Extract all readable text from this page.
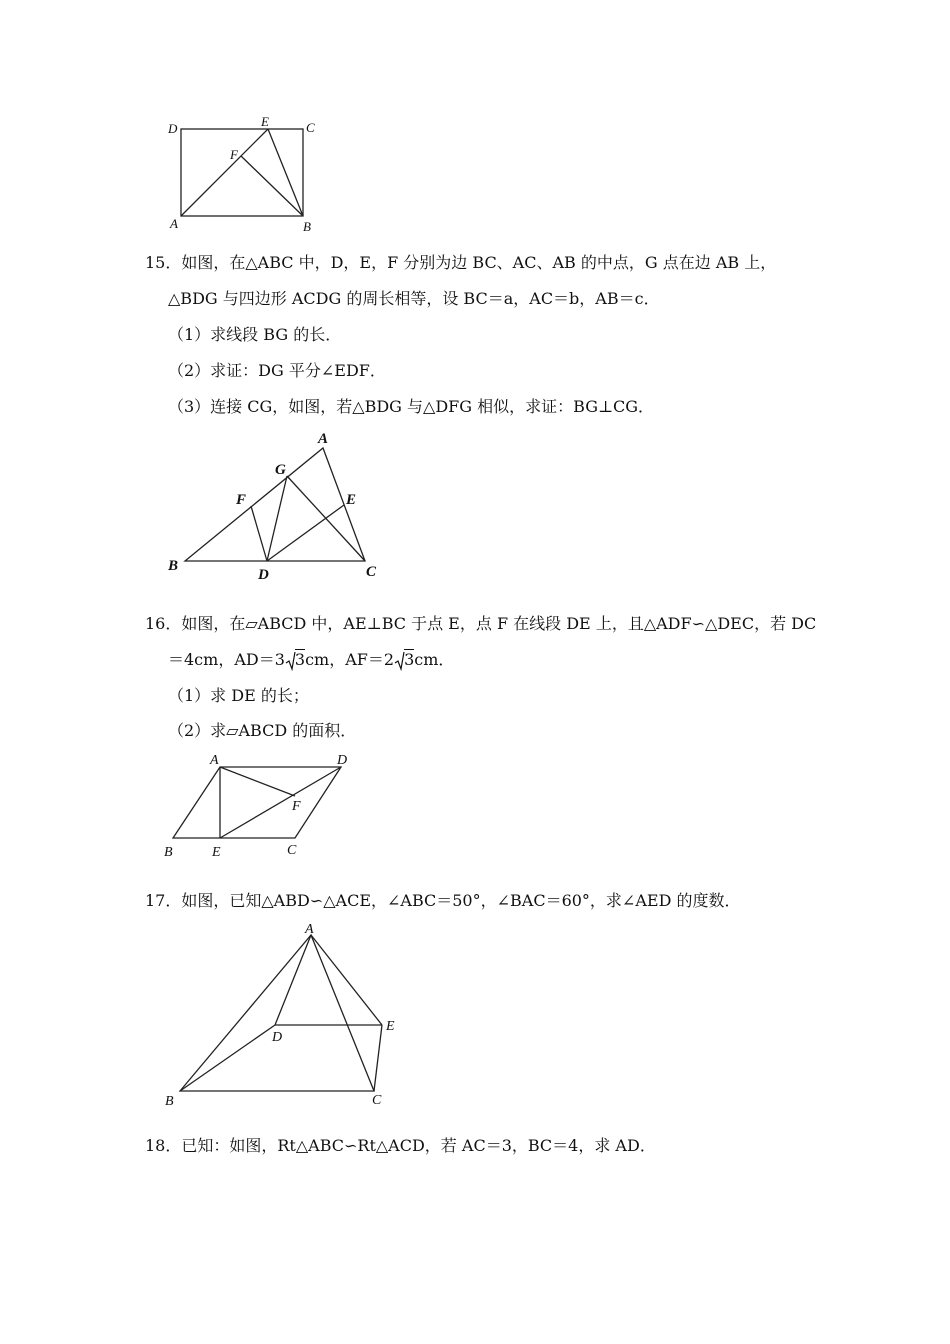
D	E	C
F
A	B
15．如图，在△ABC 中，D，E，F 分别为边 BC、AC、AB 的中点，G 点在边 AB 上，
△BDG 与四边形 ACDG 的周长相等，设 BC＝a，AC＝b，AB＝c．
（1）求线段 BG 的长．
（2）求证：DG 平分∠EDF．
（3）连接 CG，如图，若△BDG 与△DFG 相似，求证：BG⊥CG．
A
G
F	E
B
D	C
16．如图，在▱ABCD 中，AE⊥BC 于点 E，点 F 在线段 DE 上，且△ADF∽△DEC，若 DC
＝4cm，AD＝3 3cm，AF＝2 3cm．
（1）求 DE 的长；
（2）求▱ABCD 的面积．
A	D
F
B	E	C
17．如图，已知△ABD∽△ACE，∠ABC＝50°，∠BAC＝60°，求∠AED 的度数．
A
D
E
B	C
18．已知：如图，Rt△ABC∽Rt△ACD，若 AC＝3，BC＝4，求 AD．
